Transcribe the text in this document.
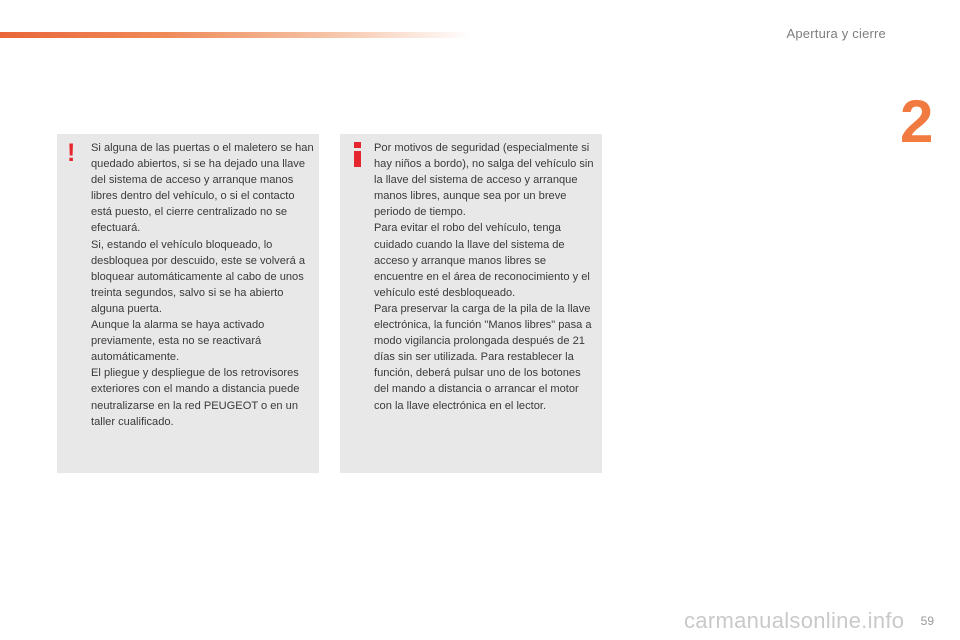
Apertura y cierre
2
! Si alguna de las puertas o el maletero se han quedado abiertos, si se ha dejado una llave del sistema de acceso y arranque manos libres dentro del vehículo, o si el contacto está puesto, el cierre centralizado no se efectuará.

Si, estando el vehículo bloqueado, lo desbloquea por descuido, este se volverá a bloquear automáticamente al cabo de unos treinta segundos, salvo si se ha abierto alguna puerta.

Aunque la alarma se haya activado previamente, esta no se reactivará automáticamente.

El pliegue y despliegue de los retrovisores exteriores con el mando a distancia puede neutralizarse en la red PEUGEOT o en un taller cualificado.

Por motivos de seguridad (especialmente si hay niños a bordo), no salga del vehículo sin la llave del sistema de acceso y arranque manos libres, aunque sea por un breve periodo de tiempo.

Para evitar el robo del vehículo, tenga cuidado cuando la llave del sistema de acceso y arranque manos libres se encuentre en el área de reconocimiento y el vehículo esté desbloqueado.

Para preservar la carga de la pila de la llave electrónica, la función "Manos libres" pasa a modo vigilancia prolongada después de 21 días sin ser utilizada. Para restablecer la función, deberá pulsar uno de los botones del mando a distancia o arrancar el motor con la llave electrónica en el lector.

59
carmanualsonline.info
